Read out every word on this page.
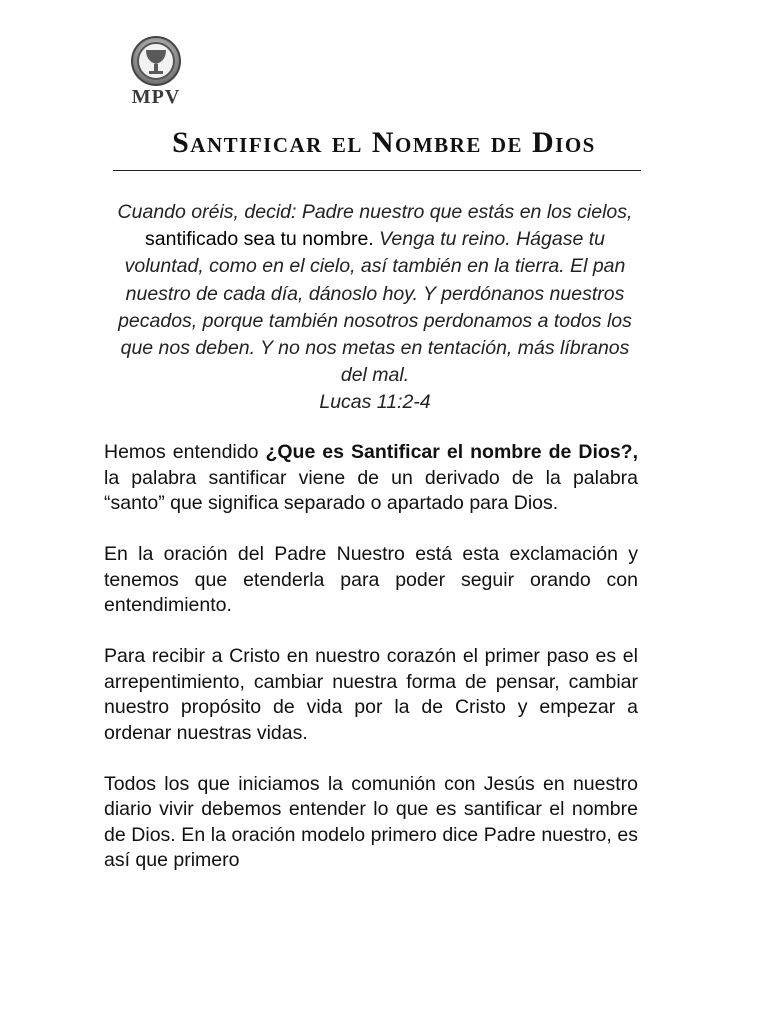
MPV
Santificar el Nombre de Dios
Cuando oréis, decid: Padre nuestro que estás en los cielos, santificado sea tu nombre. Venga tu reino. Hágase tu voluntad, como en el cielo, así también en la tierra. El pan nuestro de cada día, dánoslo hoy. Y perdónanos nuestros pecados, porque también nosotros perdonamos a todos los que nos deben. Y no nos metas en tentación, más líbranos del mal.
Lucas 11:2-4

Hemos entendido ¿Que es Santificar el nombre de Dios?, la palabra santificar viene de un derivado de la palabra “santo” que significa separado o apartado para Dios.

En la oración del Padre Nuestro está esta exclamación y tenemos que etenderla para poder seguir orando con entendimiento.

Para recibir a Cristo en nuestro corazón el primer paso es el arrepentimiento, cambiar nuestra forma de pensar, cambiar nuestro propósito de vida por la de Cristo y empezar a ordenar nuestras vidas.

Todos los que iniciamos la comunión con Jesús en nuestro diario vivir debemos entender lo que es santificar el nombre de Dios. En la oración modelo primero dice Padre nuestro, es así que primero
